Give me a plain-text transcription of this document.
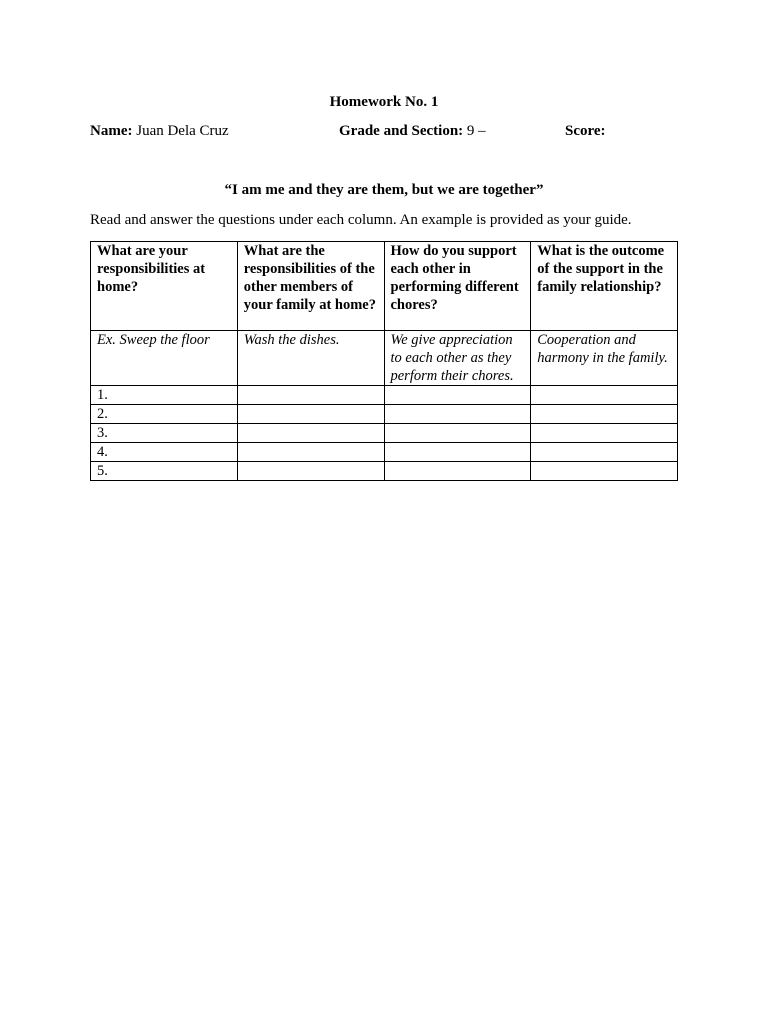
Homework No. 1
Name: Juan Dela Cruz	Grade and Section: 9 –	Score:
“I am me and they are them, but we are together”
Read and answer the questions under each column. An example is provided as your guide.
What are your responsibilities at home?	What are the responsibilities of the other members of your family at home?	How do you support each other in performing different chores?	What is the outcome of the support in the family relationship?
Ex. Sweep the floor	Wash the dishes.	We give appreciation to each other as they perform their chores.	Cooperation and harmony in the family.
1.			
2.			
3.			
4.			
5.			
